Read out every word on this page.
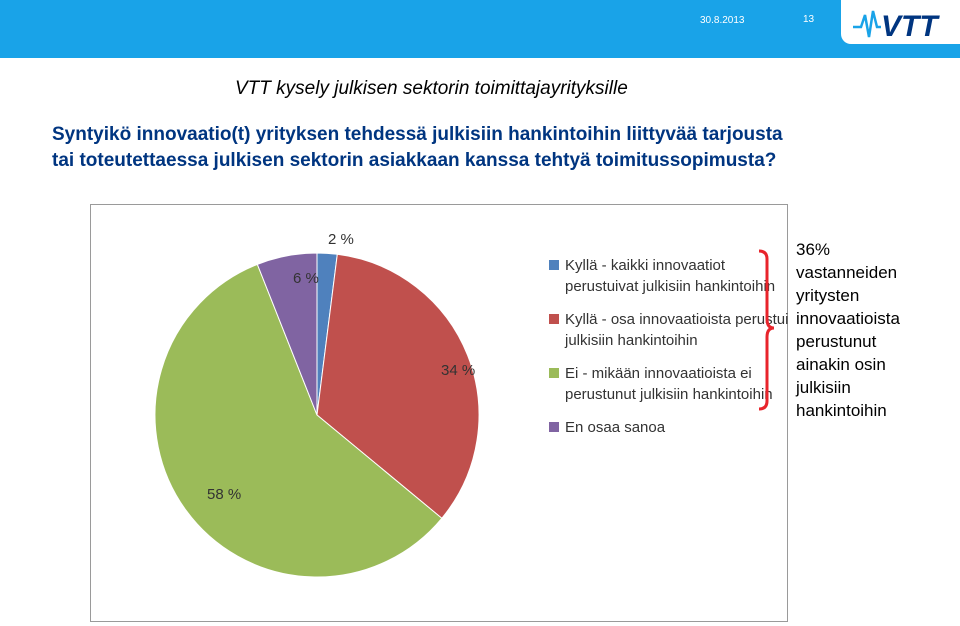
30.8.2013	13 VTT
VTT kysely julkisen sektorin toimittajayrityksille
Syntyikö innovaatio(t) yrityksen tehdessä julkisiin hankintoihin liittyvää tarjousta
tai toteutettaessa julkisen sektorin asiakkaan kanssa tehtyä toimitussopimusta?
2 %
34 %
58 %
6 %
Kyllä - kaikki innovaatiot perustuivat julkisiin hankintoihin
Kyllä - osa innovaatioista perustui julkisiin hankintoihin
Ei - mikään innovaatioista ei perustunut julkisiin hankintoihin
En osaa sanoa
36%
vastanneiden
yritysten
innovaatioista
perustunut
ainakin osin
julkisiin
hankintoihin
